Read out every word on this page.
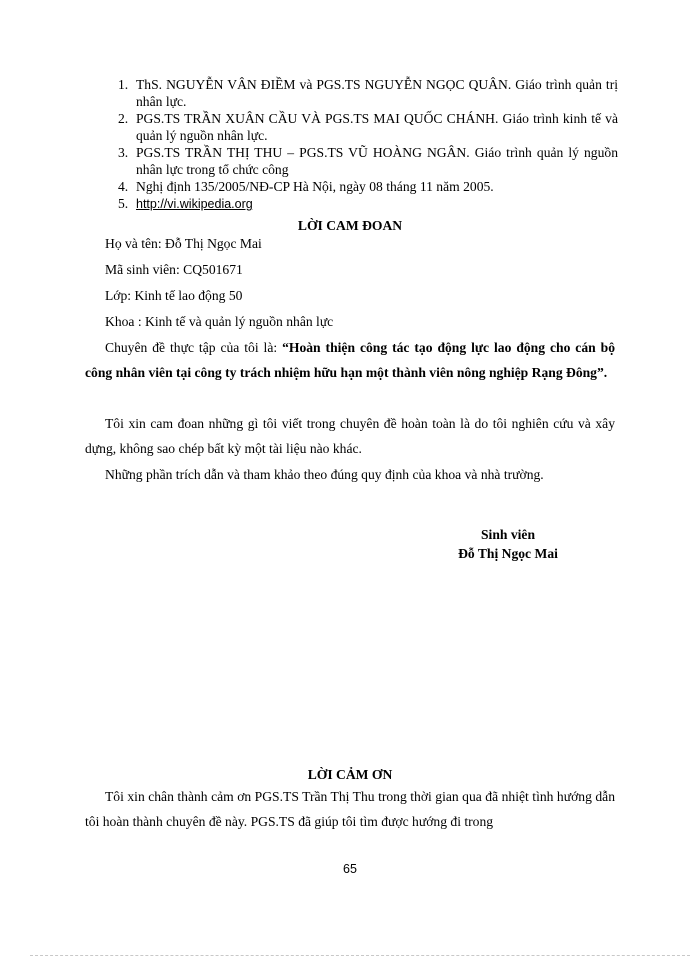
1. ThS. NGUYỄN VÂN ĐIỀM và PGS.TS NGUYỄN NGỌC QUÂN. Giáo trình quản trị nhân lực.
2. PGS.TS TRẦN XUÂN CẦU VÀ PGS.TS MAI QUỐC CHÁNH. Giáo trình kinh tế và quản lý nguồn nhân lực.
3. PGS.TS TRẦN THỊ THU – PGS.TS VŨ HOÀNG NGÂN. Giáo trình quản lý nguồn nhân lực trong tổ chức công
4. Nghị định 135/2005/NĐ-CP Hà Nội, ngày 08 tháng 11 năm 2005.
5. http://vi.wikipedia.org
LỜI CAM ĐOAN
Họ và tên: Đỗ Thị Ngọc Mai
Mã sinh viên: CQ501671
Lớp: Kinh tế lao động 50
Khoa : Kinh tế và quản lý nguồn nhân lực

Chuyên đề thực tập của tôi là: “Hoàn thiện công tác tạo động lực lao động cho cán bộ công nhân viên tại công ty trách nhiệm hữu hạn một thành viên nông nghiệp Rạng Đông”.

Tôi xin cam đoan những gì tôi viết trong chuyên đề hoàn toàn là do tôi nghiên cứu và xây dựng, không sao chép bất kỳ một tài liệu nào khác.

Những phần trích dẫn và tham khảo theo đúng quy định của khoa và nhà trường.

Sinh viên
Đỗ Thị Ngọc Mai
LỜI CẢM ƠN

Tôi xin chân thành cảm ơn PGS.TS Trần Thị Thu trong thời gian qua đã nhiệt tình hướng dẫn tôi hoàn thành chuyên đề này. PGS.TS đã giúp tôi tìm được hướng đi trong

65
